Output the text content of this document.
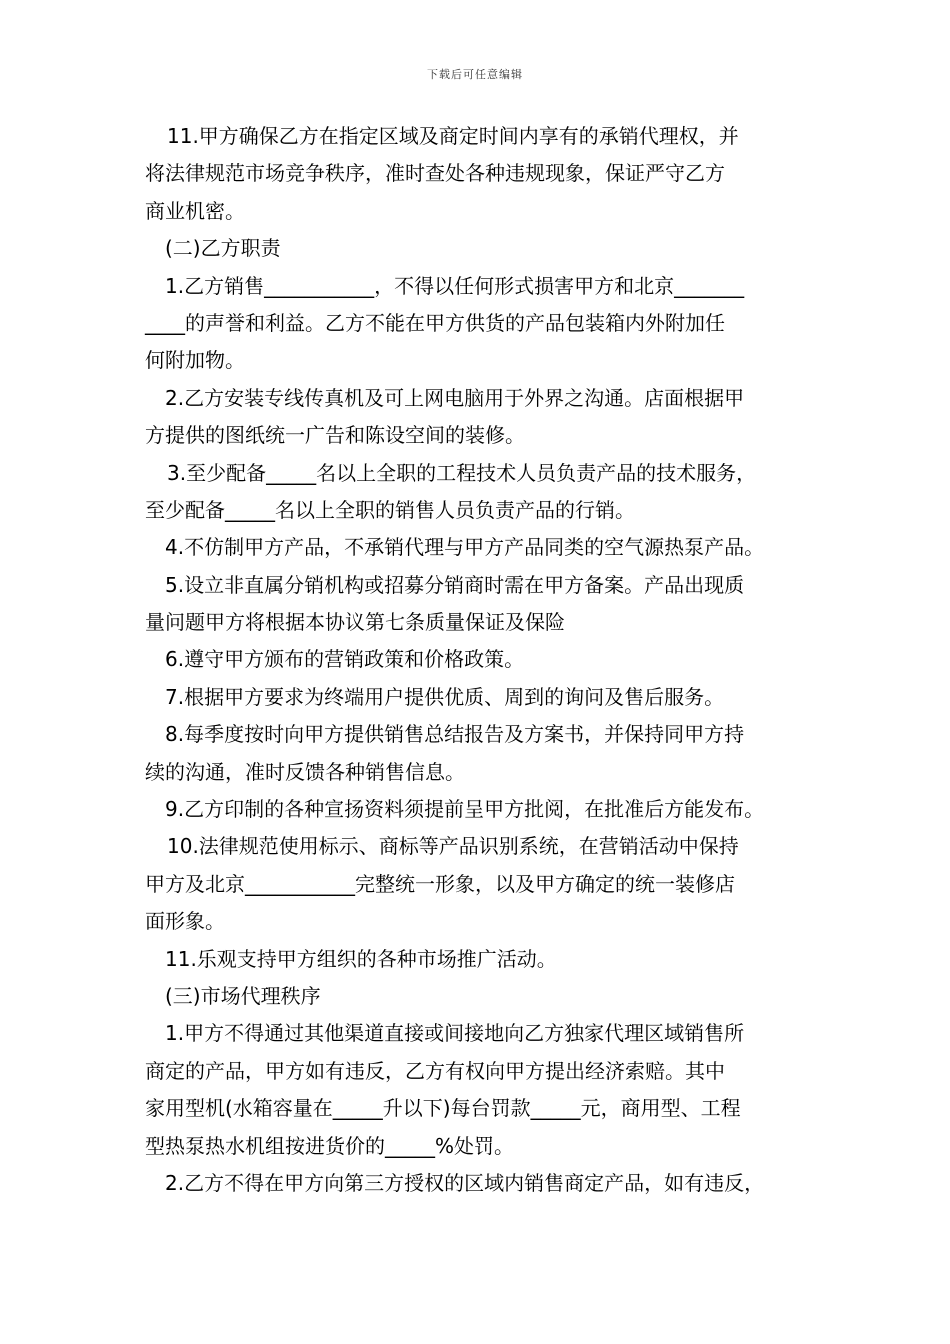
下载后可任意编辑
11.甲方确保乙方在指定区域及商定时间内享有的承销代理权，并
将法律规范市场竞争秩序，准时查处各种违规现象，保证严守乙方
商业机密。
(二)乙方职责
1.乙方销售___________，不得以任何形式损害甲方和北京_______
____的声誉和利益。乙方不能在甲方供货的产品包装箱内外附加任
何附加物。
2.乙方安装专线传真机及可上网电脑用于外界之沟通。店面根据甲
方提供的图纸统一广告和陈设空间的装修。
3.至少配备_____名以上全职的工程技术人员负责产品的技术服务，
至少配备_____名以上全职的销售人员负责产品的行销。
4.不仿制甲方产品，不承销代理与甲方产品同类的空气源热泵产品。
5.设立非直属分销机构或招募分销商时需在甲方备案。产品出现质
量问题甲方将根据本协议第七条质量保证及保险
6.遵守甲方颁布的营销政策和价格政策。
7.根据甲方要求为终端用户提供优质、周到的询问及售后服务。
8.每季度按时向甲方提供销售总结报告及方案书，并保持同甲方持
续的沟通，准时反馈各种销售信息。
9.乙方印制的各种宣扬资料须提前呈甲方批阅，在批准后方能发布。
10.法律规范使用标示、商标等产品识别系统，在营销活动中保持
甲方及北京___________完整统一形象，以及甲方确定的统一装修店
面形象。
11.乐观支持甲方组织的各种市场推广活动。
(三)市场代理秩序
1.甲方不得通过其他渠道直接或间接地向乙方独家代理区域销售所
商定的产品，甲方如有违反，乙方有权向甲方提出经济索赔。其中
家用型机(水箱容量在_____升以下)每台罚款_____元，商用型、工程
型热泵热水机组按进货价的_____%处罚。
2.乙方不得在甲方向第三方授权的区域内销售商定产品，如有违反，
